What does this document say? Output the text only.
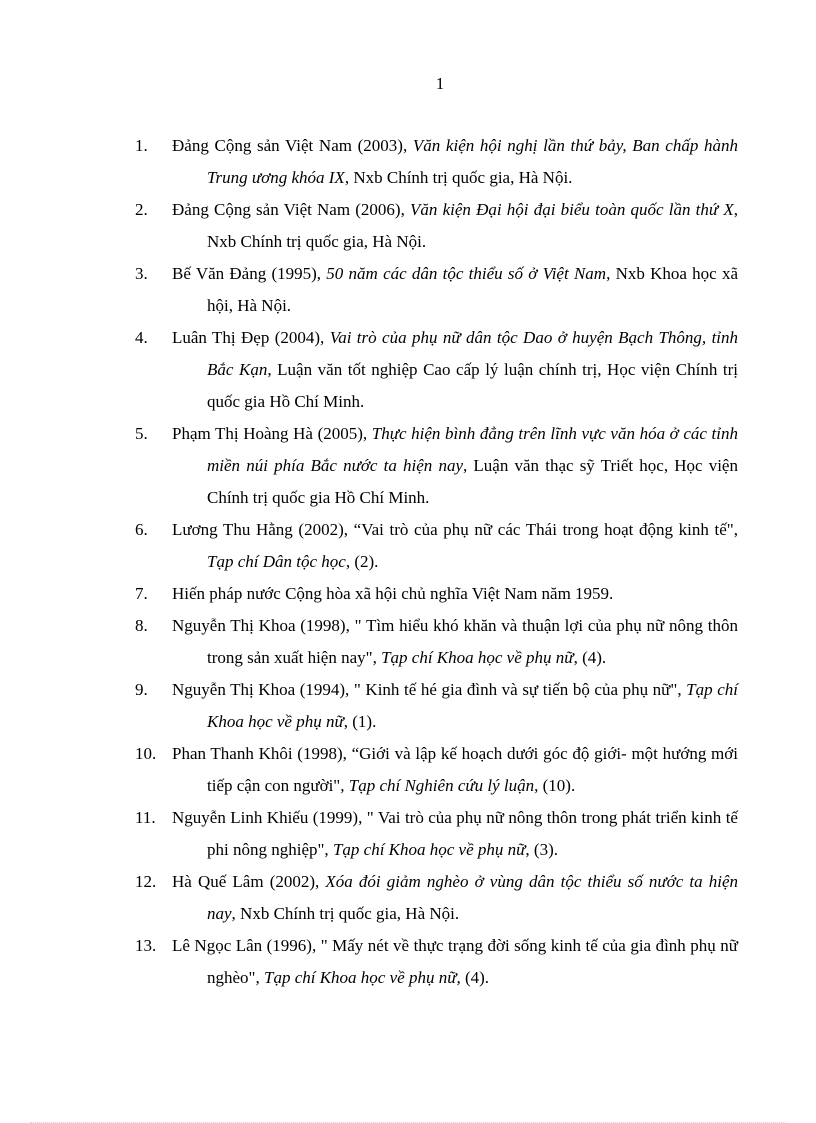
1
1. Đảng Cộng sản Việt Nam (2003), Văn kiện hội nghị lần thứ bảy, Ban chấp hành Trung ương khóa IX, Nxb Chính trị quốc gia, Hà Nội.
2. Đảng Cộng sản Việt Nam (2006), Văn kiện Đại hội đại biểu toàn quốc lần thứ X, Nxb Chính trị quốc gia, Hà Nội.
3. Bế Văn Đảng (1995), 50 năm các dân tộc thiểu số ở Việt Nam, Nxb Khoa học xã hội, Hà Nội.
4. Luân Thị Đẹp (2004), Vai trò của phụ nữ dân tộc Dao ở huyện Bạch Thông, tỉnh Bắc Kạn, Luận văn tốt nghiệp Cao cấp lý luận chính trị, Học viện Chính trị quốc gia Hồ Chí Minh.
5. Phạm Thị Hoàng Hà (2005), Thực hiện bình đẳng trên lĩnh vực văn hóa ở các tỉnh miền núi phía Bắc nước ta hiện nay, Luận văn thạc sỹ Triết học, Học viện Chính trị quốc gia Hồ Chí Minh.
6. Lương Thu Hằng (2002), “Vai trò của phụ nữ các Thái trong hoạt động kinh tế", Tạp chí Dân tộc học, (2).
7. Hiến pháp nước Cộng hòa xã hội chủ nghĩa Việt Nam năm 1959.
8. Nguyễn Thị Khoa (1998), " Tìm hiểu khó khăn và thuận lợi của phụ nữ nông thôn trong sản xuất hiện nay", Tạp chí Khoa học về phụ nữ, (4).
9. Nguyễn Thị Khoa (1994), " Kinh tế hé gia đình và sự tiến bộ của phụ nữ", Tạp chí Khoa học về phụ nữ, (1).
10. Phan Thanh Khôi (1998), “Giới và lập kế hoạch dưới góc độ giới- một hướng mới tiếp cận con người", Tạp chí Nghiên cứu lý luận, (10).
11. Nguyễn Linh Khiếu (1999), " Vai trò của phụ nữ nông thôn trong phát triển kinh tế phi nông nghiệp", Tạp chí Khoa học về phụ nữ, (3).
12. Hà Quế Lâm (2002), Xóa đói giảm nghèo ở vùng dân tộc thiểu số nước ta hiện nay, Nxb Chính trị quốc gia, Hà Nội.
13. Lê Ngọc Lân (1996), " Mấy nét về thực trạng đời sống kinh tế của gia đình phụ nữ nghèo", Tạp chí Khoa học về phụ nữ, (4).
